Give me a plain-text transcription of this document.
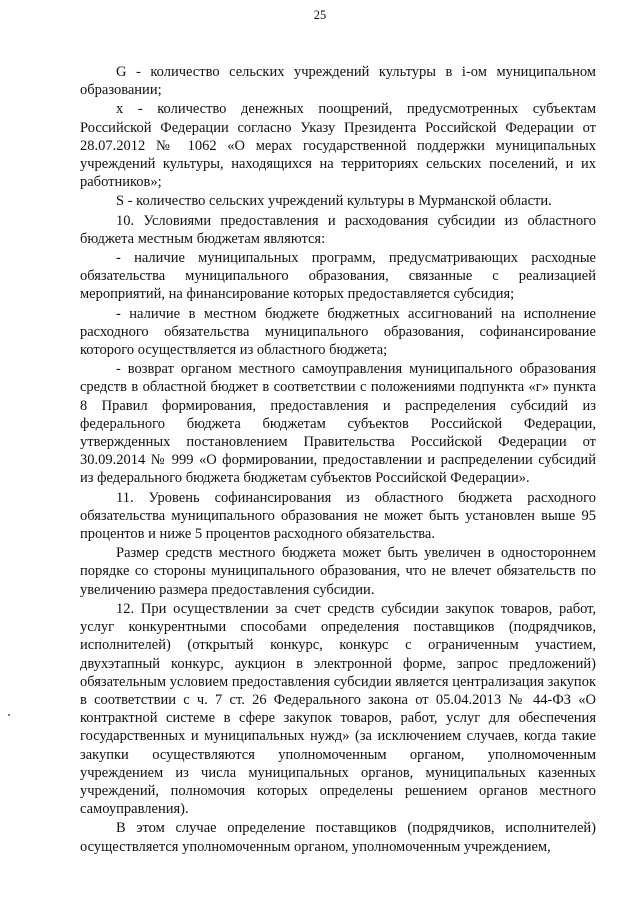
25

G - количество сельских учреждений культуры в i-ом муниципальном образовании;

x - количество денежных поощрений, предусмотренных субъектам Российской Федерации согласно Указу Президента Российской Федерации от 28.07.2012 № 1062 «О мерах государственной поддержки муниципальных учреждений культуры, находящихся на территориях сельских поселений, и их работников»;

S - количество сельских учреждений культуры в Мурманской области.

10. Условиями предоставления и расходования субсидии из областного бюджета местным бюджетам являются:

- наличие муниципальных программ, предусматривающих расходные обязательства муниципального образования, связанные с реализацией мероприятий, на финансирование которых предоставляется субсидия;

- наличие в местном бюджете бюджетных ассигнований на исполнение расходного обязательства муниципального образования, софинансирование которого осуществляется из областного бюджета;

- возврат органом местного самоуправления муниципального образования средств в областной бюджет в соответствии с положениями подпункта «г» пункта 8 Правил формирования, предоставления и распределения субсидий из федерального бюджета бюджетам субъектов Российской Федерации, утвержденных постановлением Правительства Российской Федерации от 30.09.2014 № 999 «О формировании, предоставлении и распределении субсидий из федерального бюджета бюджетам субъектов Российской Федерации».

11. Уровень софинансирования из областного бюджета расходного обязательства муниципального образования не может быть установлен выше 95 процентов и ниже 5 процентов расходного обязательства.

Размер средств местного бюджета может быть увеличен в одностороннем порядке со стороны муниципального образования, что не влечет обязательств по увеличению размера предоставления субсидии.

12. При осуществлении за счет средств субсидии закупок товаров, работ, услуг конкурентными способами определения поставщиков (подрядчиков, исполнителей) (открытый конкурс, конкурс с ограниченным участием, двухэтапный конкурс, аукцион в электронной форме, запрос предложений) обязательным условием предоставления субсидии является централизация закупок в соответствии с ч. 7 ст. 26 Федерального закона от 05.04.2013 № 44-ФЗ «О контрактной системе в сфере закупок товаров, работ, услуг для обеспечения государственных и муниципальных нужд» (за исключением случаев, когда такие закупки осуществляются уполномоченным органом, уполномоченным учреждением из числа муниципальных органов, муниципальных казенных учреждений, полномочия которых определены решением органов местного самоуправления).

В этом случае определение поставщиков (подрядчиков, исполнителей) осуществляется уполномоченным органом, уполномоченным учреждением,
